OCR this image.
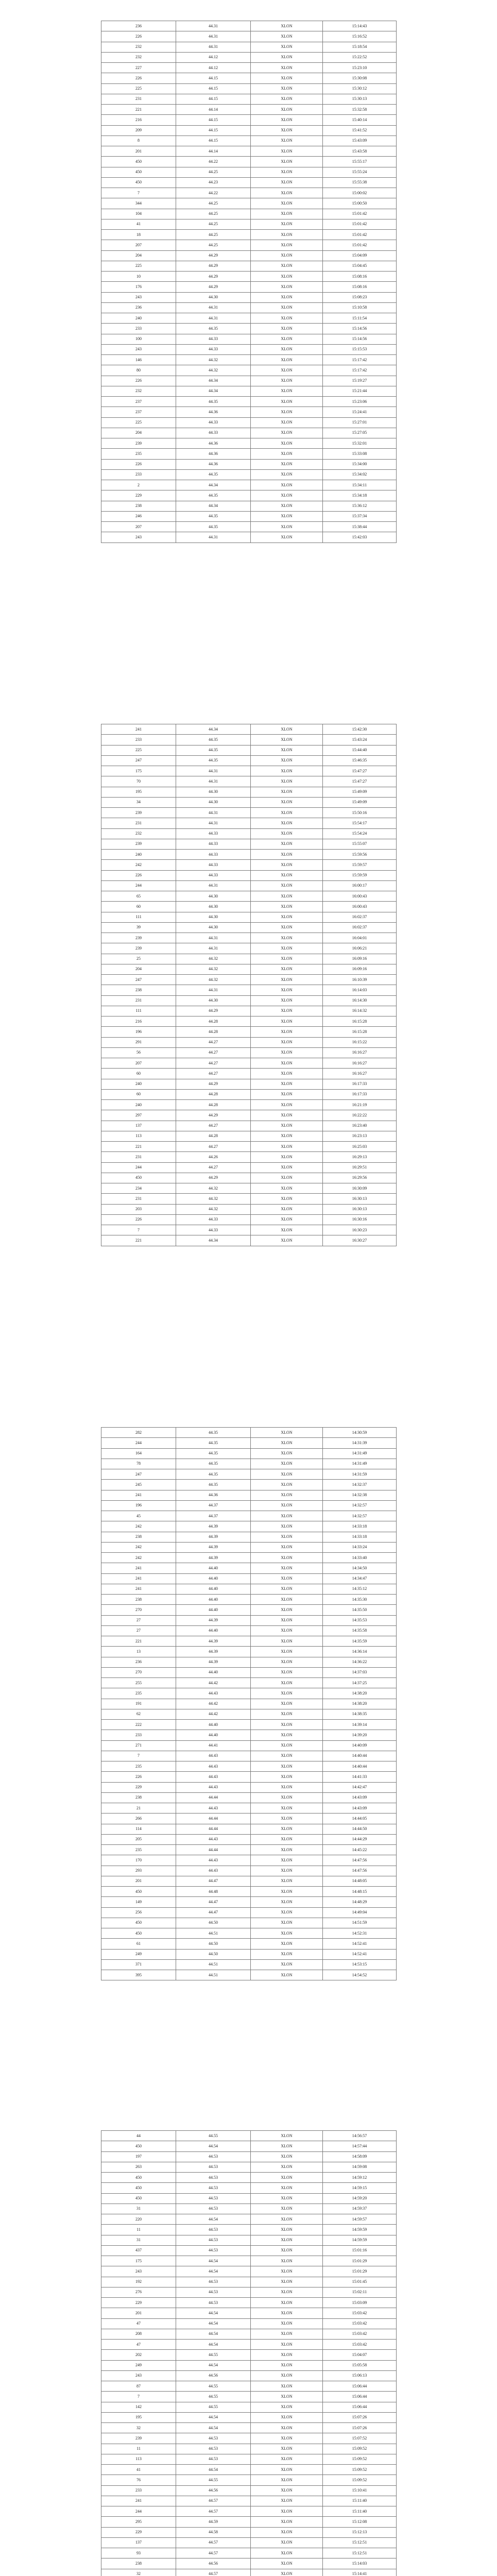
236	44.31	XLON	15:14:43
226	44.31	XLON	15:16:52
232	44.31	XLON	15:18:54
232	44.12	XLON	15:22:52
227	44.12	XLON	15:23:10
226	44.15	XLON	15:30:08
225	44.15	XLON	15:30:12
231	44.15	XLON	15:30:13
221	44.14	XLON	15:32:58
216	44.15	XLON	15:40:14
209	44.15	XLON	15:41:52
8	44.15	XLON	15:43:09
201	44.14	XLON	15:43:58
450	44.22	XLON	15:55:17
450	44.25	XLON	15:55:24
450	44.23	XLON	15:55:38
7	44.22	XLON	15:00:02
344	44.25	XLON	15:00:50
104	44.25	XLON	15:01:42
41	44.25	XLON	15:01:42
18	44.25	XLON	15:01:42
207	44.25	XLON	15:01:42
204	44.29	XLON	15:04:09
225	44.29	XLON	15:04:45
10	44.29	XLON	15:08:16
176	44.29	XLON	15:08:16
243	44.30	XLON	15:08:23
236	44.31	XLON	15:10:58
240	44.31	XLON	15:11:54
233	44.35	XLON	15:14:56
100	44.33	XLON	15:14:56
243	44.33	XLON	15:15:53
146	44.32	XLON	15:17:42
80	44.32	XLON	15:17:42
226	44.34	XLON	15:19:27
232	44.34	XLON	15:21:44
237	44.35	XLON	15:23:06
237	44.36	XLON	15:24:41
225	44.33	XLON	15:27:01
204	44.33	XLON	15:27:05
239	44.36	XLON	15:32:01
235	44.36	XLON	15:33:08
226	44.36	XLON	15:34:00
233	44.35	XLON	15:34:02
2	44.34	XLON	15:34:11
229	44.35	XLON	15:34:18
238	44.34	XLON	15:36:12
246	44.35	XLON	15:37:34
207	44.35	XLON	15:38:44
243	44.31	XLON	15:42:03
241	44.34	XLON	15:42:30
233	44.35	XLON	15:43:24
225	44.35	XLON	15:44:40
247	44.35	XLON	15:46:35
175	44.31	XLON	15:47:27
70	44.31	XLON	15:47:27
195	44.30	XLON	15:49:09
34	44.30	XLON	15:49:09
239	44.31	XLON	15:50:16
231	44.31	XLON	15:54:17
232	44.33	XLON	15:54:24
239	44.33	XLON	15:55:07
240	44.33	XLON	15:59:56
242	44.33	XLON	15:59:57
226	44.33	XLON	15:59:59
244	44.31	XLON	16:00:17
65	44.30	XLON	16:00:43
60	44.30	XLON	16:00:43
111	44.30	XLON	16:02:37
39	44.30	XLON	16:02:37
239	44.31	XLON	16:04:01
239	44.31	XLON	16:06:21
25	44.32	XLON	16:09:16
204	44.32	XLON	16:09:16
247	44.32	XLON	16:10:39
238	44.31	XLON	16:14:03
231	44.30	XLON	16:14:30
111	44.29	XLON	16:14:32
216	44.28	XLON	16:15:28
196	44.28	XLON	16:15:28
291	44.27	XLON	16:15:22
56	44.27	XLON	16:16:27
207	44.27	XLON	16:16:27
60	44.27	XLON	16:16:27
240	44.29	XLON	16:17:33
60	44.28	XLON	16:17:33
240	44.28	XLON	16:21:19
297	44.29	XLON	16:22:22
137	44.27	XLON	16:23:40
113	44.28	XLON	16:23:13
221	44.27	XLON	16:25:03
231	44.26	XLON	16:29:13
244	44.27	XLON	16:29:51
450	44.29	XLON	16:29:56
234	44.32	XLON	16:30:09
231	44.32	XLON	16:30:13
203	44.32	XLON	16:30:13
226	44.33	XLON	16:30:16
7	44.33	XLON	16:30:23
221	44.34	XLON	16:30:27
282	44.35	XLON	14:30:59
244	44.35	XLON	14:31:39
164	44.35	XLON	14:31:49
78	44.35	XLON	14:31:49
247	44.35	XLON	14:31:59
245	44.35	XLON	14:32:37
241	44.36	XLON	14:32:38
196	44.37	XLON	14:32:57
45	44.37	XLON	14:32:57
242	44.39	XLON	14:33:18
238	44.39	XLON	14:33:18
242	44.39	XLON	14:33:24
242	44.39	XLON	14:33:40
241	44.40	XLON	14:34:50
241	44.40	XLON	14:34:47
241	44.40	XLON	14:35:12
238	44.40	XLON	14:35:30
270	44.40	XLON	14:35:50
27	44.39	XLON	14:35:53
27	44.40	XLON	14:35:58
221	44.39	XLON	14:35:59
13	44.39	XLON	14:36:14
236	44.39	XLON	14:36:22
270	44.40	XLON	14:37:03
255	44.42	XLON	14:37:25
235	44.43	XLON	14:38:20
191	44.42	XLON	14:38:20
62	44.42	XLON	14:38:35
222	44.40	XLON	14:39:14
233	44.40	XLON	14:39:20
271	44.41	XLON	14:40:09
7	44.43	XLON	14:40:44
235	44.43	XLON	14:40:44
226	44.43	XLON	14:41:33
229	44.43	XLON	14:42:47
238	44.44	XLON	14:43:09
21	44.43	XLON	14:43:09
266	44.44	XLON	14:44:05
114	44.44	XLON	14:44:50
205	44.43	XLON	14:44:29
235	44.44	XLON	14:45:22
170	44.43	XLON	14:47:56
293	44.43	XLON	14:47:56
201	44.47	XLON	14:48:05
450	44.48	XLON	14:48:15
149	44.47	XLON	14:48:29
256	44.47	XLON	14:49:04
450	44.50	XLON	14:51:59
450	44.51	XLON	14:52:31
61	44.50	XLON	14:52:41
249	44.50	XLON	14:52:41
371	44.51	XLON	14:53:15
395	44.51	XLON	14:54:52
44	44.55	XLON	14:56:57
450	44.54	XLON	14:57:44
197	44.53	XLON	14:58:09
263	44.53	XLON	14:59:08
450	44.53	XLON	14:59:12
450	44.53	XLON	14:59:15
450	44.53	XLON	14:59:20
31	44.53	XLON	14:59:37
220	44.54	XLON	14:59:57
11	44.53	XLON	14:59:59
31	44.53	XLON	14:59:59
437	44.53	XLON	15:01:16
175	44.54	XLON	15:01:29
243	44.54	XLON	15:01:29
192	44.53	XLON	15:01:45
276	44.53	XLON	15:02:11
229	44.53	XLON	15:03:09
201	44.54	XLON	15:03:42
47	44.54	XLON	15:03:42
208	44.54	XLON	15:03:42
47	44.54	XLON	15:03:42
202	44.55	XLON	15:04:07
249	44.54	XLON	15:05:58
243	44.56	XLON	15:06:13
87	44.55	XLON	15:06:44
7	44.55	XLON	15:06:44
142	44.55	XLON	15:06:44
195	44.54	XLON	15:07:26
32	44.54	XLON	15:07:26
239	44.53	XLON	15:07:52
11	44.53	XLON	15:09:52
113	44.53	XLON	15:09:52
41	44.54	XLON	15:09:52
76	44.55	XLON	15:09:52
233	44.56	XLON	15:10:41
241	44.57	XLON	15:11:40
244	44.57	XLON	15:11:40
295	44.59	XLON	15:12:08
229	44.58	XLON	15:12:13
137	44.57	XLON	15:12:51
93	44.57	XLON	15:12:51
238	44.56	XLON	15:14:03
32	44.57	XLON	15:14:41
